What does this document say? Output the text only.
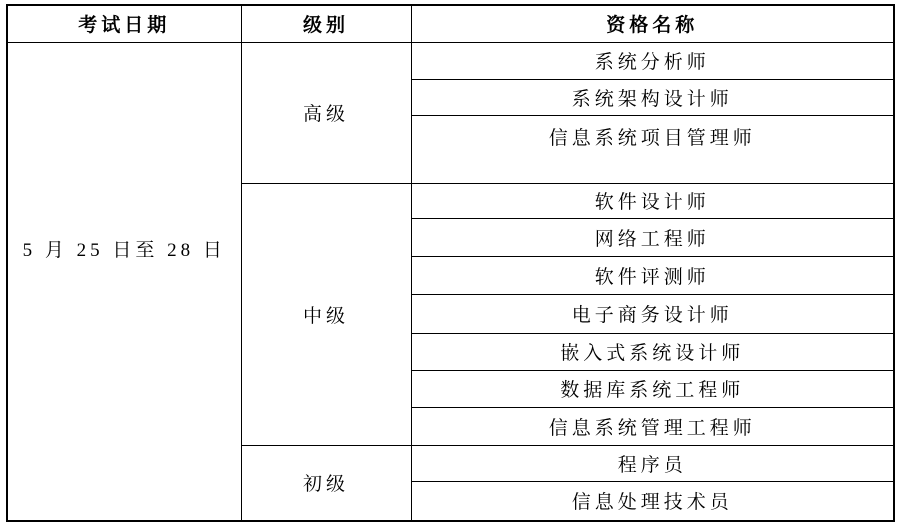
考试日期	级别	资格名称

5 月 25 日至 28 日	高级	系统分析师
		系统架构设计师
		信息系统项目管理师
	中级	软件设计师
		网络工程师
		软件评测师
		电子商务设计师
		嵌入式系统设计师
		数据库系统工程师
		信息系统管理工程师
	初级	程序员
		信息处理技术员
